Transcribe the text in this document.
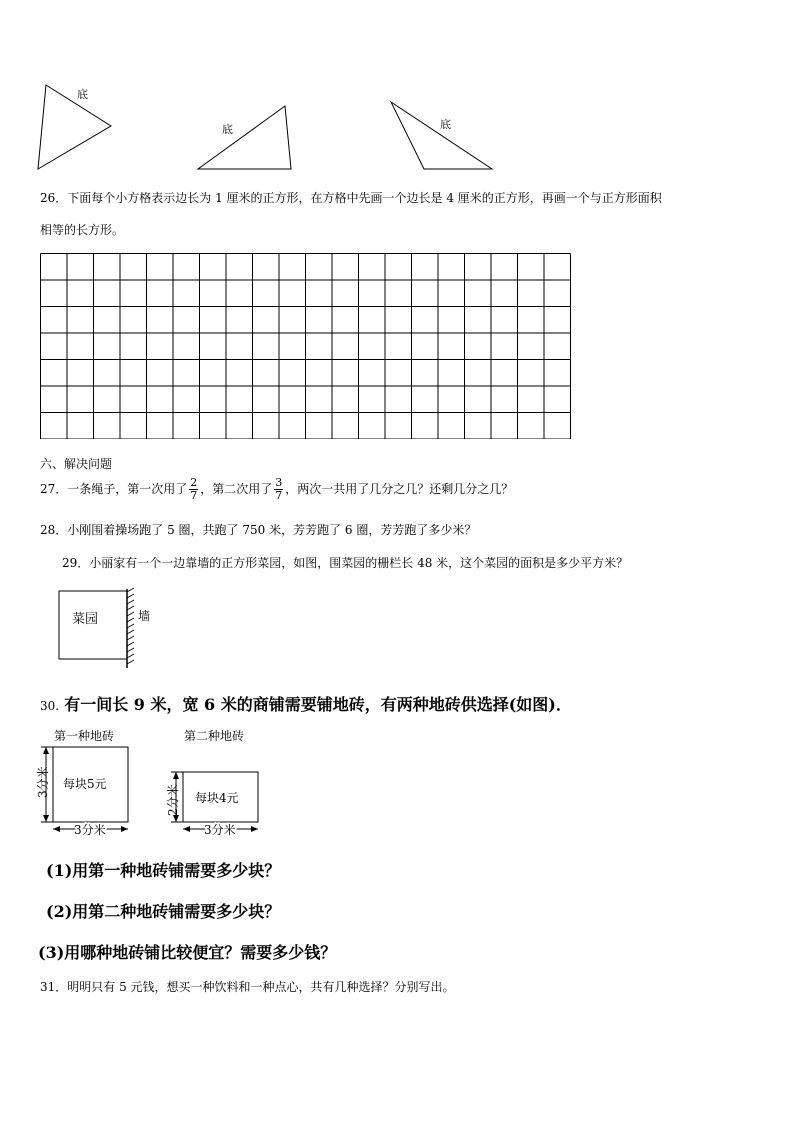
底
底	底
26．下面每个小方格表示边长为 1 厘米的正方形，在方格中先画一个边长是 4 厘米的正方形，再画一个与正方形面积
相等的长方形。
六、解决问题
27．一条绳子，第一次用了 $\frac{2}{7}$ ，第二次用了 $\frac{3}{7}$ ，两次一共用了几分之几？还剩几分之几？
28．小刚围着操场跑了 5 圈，共跑了 750 米，芳芳跑了 6 圈，芳芳跑了多少米？
29．小丽家有一个一边靠墙的正方形菜园，如图，围菜园的栅栏长 48 米，这个菜园的面积是多少平方米？
菜园	墙
30. 有一间长 9 米，宽 6 米的商铺需要铺地砖，有两种地砖供选择(如图)．
第一种地砖
每块5元
3分米
3分米
第二种地砖
每块4元
2分米
3分米
(1)用第一种地砖铺需要多少块？
(2)用第二种地砖铺需要多少块？
(3)用哪种地砖铺比较便宜？需要多少钱？
31．明明只有 5 元钱，想买一种饮料和一种点心，共有几种选择？分别写出。
